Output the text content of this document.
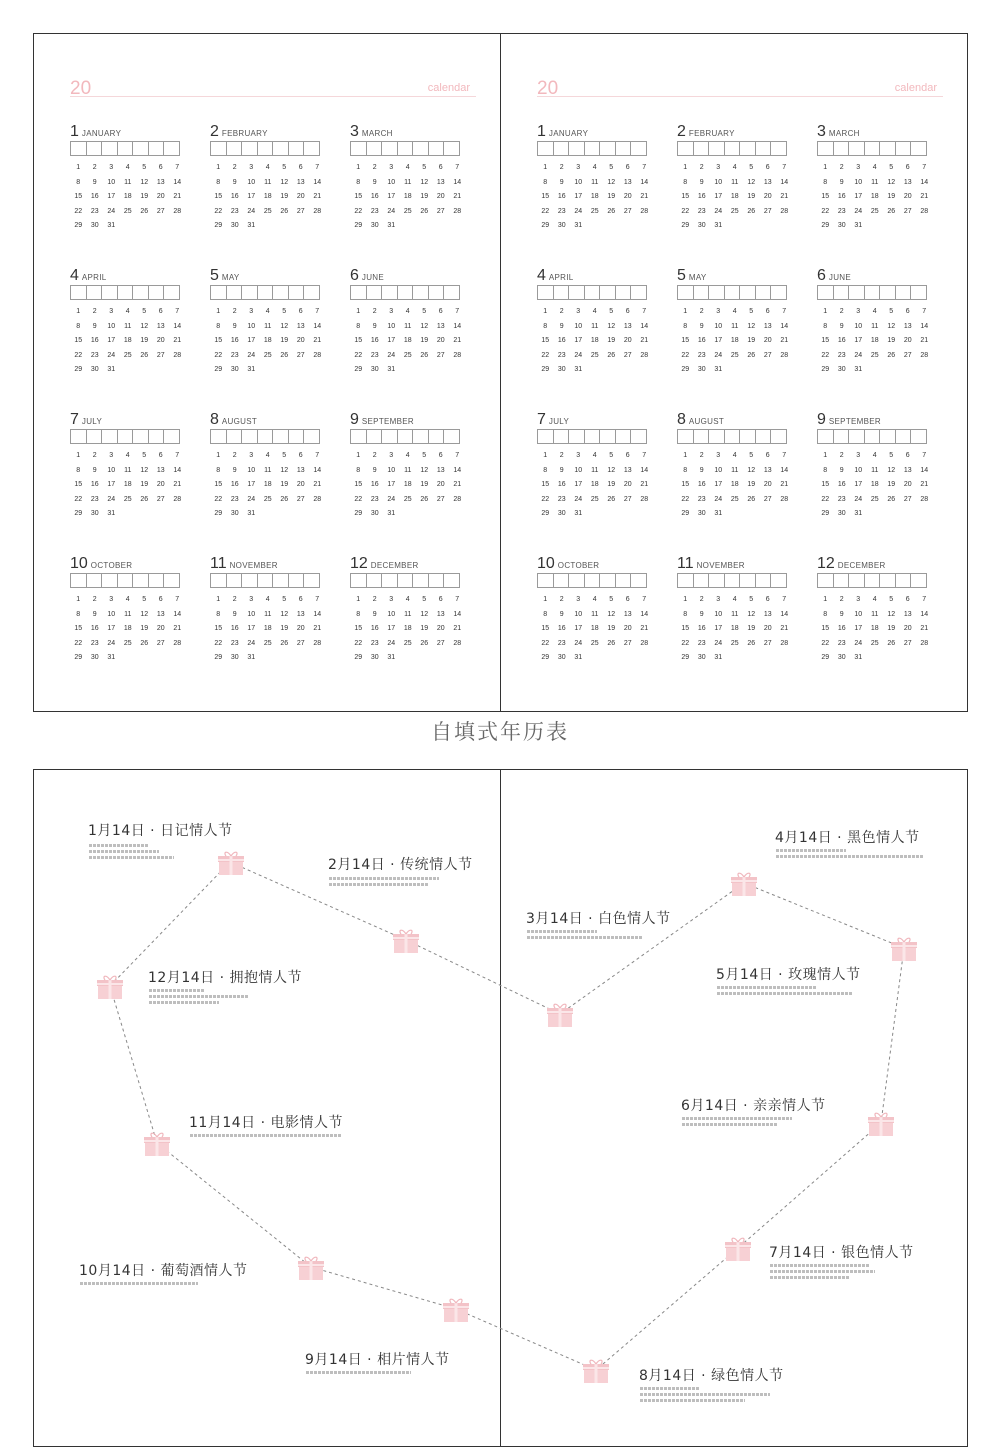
20	calendar
1 JANUARY
1	2	3	4	5	6	7
8	9	10	11	12	13	14
15	16	17	18	19	20	21
22	23	24	25	26	27	28
29	30	31
2 FEBRUARY
1	2	3	4	5	6	7
8	9	10	11	12	13	14
15	16	17	18	19	20	21
22	23	24	25	26	27	28
29	30	31
3 MARCH
1	2	3	4	5	6	7
8	9	10	11	12	13	14
15	16	17	18	19	20	21
22	23	24	25	26	27	28
29	30	31
4 APRIL
1	2	3	4	5	6	7
8	9	10	11	12	13	14
15	16	17	18	19	20	21
22	23	24	25	26	27	28
29	30	31
5 MAY
1	2	3	4	5	6	7
8	9	10	11	12	13	14
15	16	17	18	19	20	21
22	23	24	25	26	27	28
29	30	31
6 JUNE
1	2	3	4	5	6	7
8	9	10	11	12	13	14
15	16	17	18	19	20	21
22	23	24	25	26	27	28
29	30	31
7 JULY
1	2	3	4	5	6	7
8	9	10	11	12	13	14
15	16	17	18	19	20	21
22	23	24	25	26	27	28
29	30	31
8 AUGUST
1	2	3	4	5	6	7
8	9	10	11	12	13	14
15	16	17	18	19	20	21
22	23	24	25	26	27	28
29	30	31
9 SEPTEMBER
1	2	3	4	5	6	7
8	9	10	11	12	13	14
15	16	17	18	19	20	21
22	23	24	25	26	27	28
29	30	31
10 OCTOBER
1	2	3	4	5	6	7
8	9	10	11	12	13	14
15	16	17	18	19	20	21
22	23	24	25	26	27	28
29	30	31
11 NOVEMBER
1	2	3	4	5	6	7
8	9	10	11	12	13	14
15	16	17	18	19	20	21
22	23	24	25	26	27	28
29	30	31
12 DECEMBER
1	2	3	4	5	6	7
8	9	10	11	12	13	14
15	16	17	18	19	20	21
22	23	24	25	26	27	28
29	30	31
20	calendar
1 JANUARY
1	2	3	4	5	6	7
8	9	10	11	12	13	14
15	16	17	18	19	20	21
22	23	24	25	26	27	28
29	30	31
2 FEBRUARY
1	2	3	4	5	6	7
8	9	10	11	12	13	14
15	16	17	18	19	20	21
22	23	24	25	26	27	28
29	30	31
3 MARCH
1	2	3	4	5	6	7
8	9	10	11	12	13	14
15	16	17	18	19	20	21
22	23	24	25	26	27	28
29	30	31
4 APRIL
1	2	3	4	5	6	7
8	9	10	11	12	13	14
15	16	17	18	19	20	21
22	23	24	25	26	27	28
29	30	31
5 MAY
1	2	3	4	5	6	7
8	9	10	11	12	13	14
15	16	17	18	19	20	21
22	23	24	25	26	27	28
29	30	31
6 JUNE
1	2	3	4	5	6	7
8	9	10	11	12	13	14
15	16	17	18	19	20	21
22	23	24	25	26	27	28
29	30	31
7 JULY
1	2	3	4	5	6	7
8	9	10	11	12	13	14
15	16	17	18	19	20	21
22	23	24	25	26	27	28
29	30	31
8 AUGUST
1	2	3	4	5	6	7
8	9	10	11	12	13	14
15	16	17	18	19	20	21
22	23	24	25	26	27	28
29	30	31
9 SEPTEMBER
1	2	3	4	5	6	7
8	9	10	11	12	13	14
15	16	17	18	19	20	21
22	23	24	25	26	27	28
29	30	31
10 OCTOBER
1	2	3	4	5	6	7
8	9	10	11	12	13	14
15	16	17	18	19	20	21
22	23	24	25	26	27	28
29	30	31
11 NOVEMBER
1	2	3	4	5	6	7
8	9	10	11	12	13	14
15	16	17	18	19	20	21
22	23	24	25	26	27	28
29	30	31
12 DECEMBER
1	2	3	4	5	6	7
8	9	10	11	12	13	14
15	16	17	18	19	20	21
22	23	24	25	26	27	28
29	30	31
自填式年历表
1月14日 · 日记情人节
2月14日 · 传统情人节
3月14日 · 白色情人节
4月14日 · 黑色情人节
5月14日 · 玫瑰情人节
6月14日 · 亲亲情人节
7月14日 · 银色情人节
8月14日 · 绿色情人节
9月14日 · 相片情人节
10月14日 · 葡萄酒情人节
11月14日 · 电影情人节
12月14日 · 拥抱情人节
